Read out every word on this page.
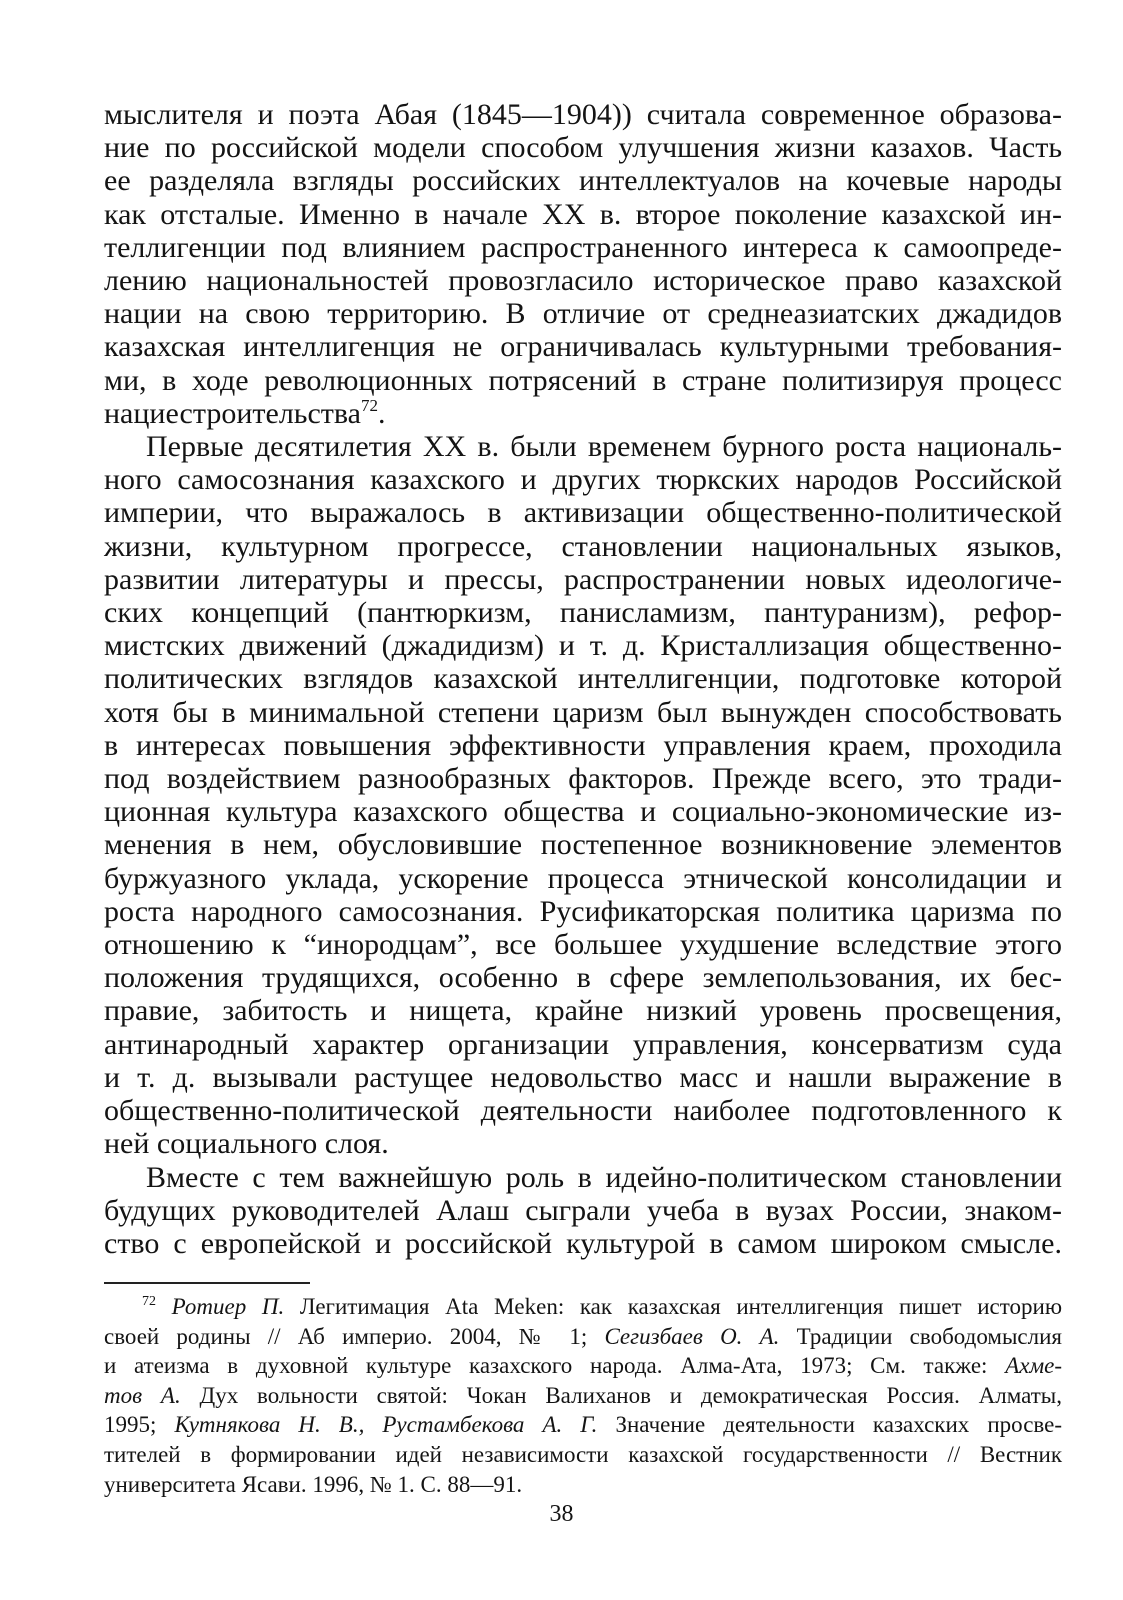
мыслителя и поэта Абая (1845—1904)) считала современное образова-
ние по российской модели способом улучшения жизни казахов. Часть
ее разделяла взгляды российских интеллектуалов на кочевые народы
как отсталые. Именно в начале XX в. второе поколение казахской ин-
теллигенции под влиянием распространенного интереса к самоопреде-
лению национальностей провозгласило историческое право казахской
нации на свою территорию. В отличие от среднеазиатских джадидов
казахская интеллигенция не ограничивалась культурными требования-
ми, в ходе революционных потрясений в стране политизируя процесс
нациестроительства$^{72}$.
Первые десятилетия XX в. были временем бурного роста националь-
ного самосознания казахского и других тюркских народов Российской
империи, что выражалось в активизации общественно-политической
жизни, культурном прогрессе, становлении национальных языков,
развитии литературы и прессы, распространении новых идеологиче-
ских концепций (пантюркизм, панисламизм, пантуранизм), рефор-
мистских движений (джадидизм) и т. д. Кристаллизация общественно-
политических взглядов казахской интеллигенции, подготовке которой
хотя бы в минимальной степени царизм был вынужден способствовать
в интересах повышения эффективности управления краем, проходила
под воздействием разнообразных факторов. Прежде всего, это тради-
ционная культура казахского общества и социально-экономические из-
менения в нем, обусловившие постепенное возникновение элементов
буржуазного уклада, ускорение процесса этнической консолидации и
роста народного самосознания. Русификаторская политика царизма по
отношению к “инородцам”, все большее ухудшение вследствие этого
положения трудящихся, особенно в сфере землепользования, их бес-
правие, забитость и нищета, крайне низкий уровень просвещения,
антинародный характер организации управления, консерватизм суда
и т. д. вызывали растущее недовольство масс и нашли выражение в
общественно-политической деятельности наиболее подготовленного к
ней социального слоя.
Вместе с тем важнейшую роль в идейно-политическом становлении
будущих руководителей Алаш сыграли учеба в вузах России, знаком-
ство с европейской и российской культурой в самом широком смысле.
$^{72}$ Ротиер П. Легитимация Ata Meken: как казахская интеллигенция пишет историю
своей родины // Аб империо. 2004, № 1; Сегизбаев О. А. Традиции свободомыслия
и атеизма в духовной культуре казахского народа. Алма-Ата, 1973; См. также: Ахме-
тов А. Дух вольности святой: Чокан Валиханов и демократическая Россия. Алматы,
1995; Кутнякова Н. В., Рустамбекова А. Г. Значение деятельности казахских просве-
тителей в формировании идей независимости казахской государственности // Вестник
университета Ясави. 1996, № 1. С. 88—91.
38
